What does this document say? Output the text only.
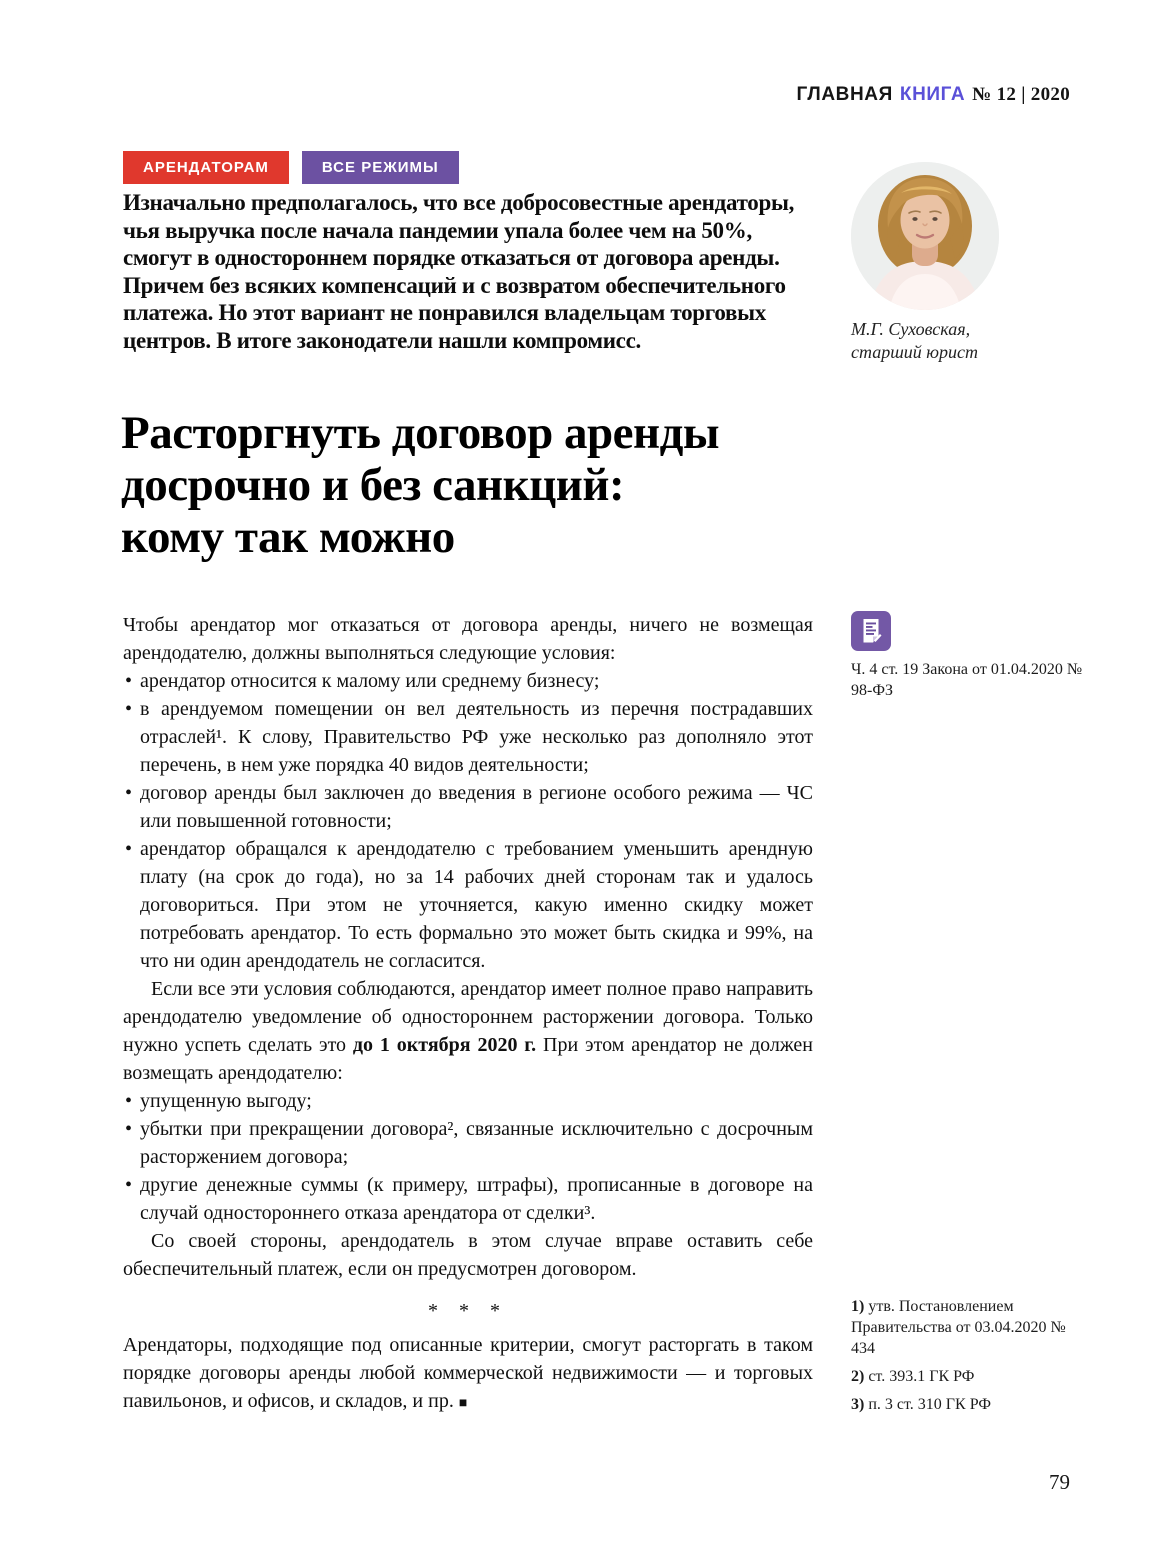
ГЛАВНАЯ КНИГА № 12 | 2020
АРЕНДАТОРАМ	ВСЕ РЕЖИМЫ

Изначально предполагалось, что все добросовестные арендаторы, чья выручка после начала пандемии упала более чем на 50%, смогут в одностороннем порядке отказаться от договора аренды. Причем без всяких компенсаций и с возвратом обеспечительного платежа. Но этот вариант не понравился владельцам торговых центров. В итоге законодатели нашли компромисс.	М.Г. Суховская,
старший юрист
Расторгнуть договор аренды
досрочно и без санкций:
кому так можно

Чтобы арендатор мог отказаться от договора аренды, ничего не возмещая арендодателю, должны выполняться следующие условия:

• арендатор относится к малому или среднему бизнесу;
• в арендуемом помещении он вел деятельность из перечня пострадавших отраслей¹. К слову, Правительство РФ уже несколько раз дополняло этот перечень, в нем уже порядка 40 видов деятельности;
• договор аренды был заключен до введения в регионе особого режима — ЧС или повышенной готовности;
• арендатор обращался к арендодателю с требованием уменьшить арендную плату (на срок до года), но за 14 рабочих дней сторонам так и удалось договориться. При этом не уточняется, какую именно скидку может потребовать арендатор. То есть формально это может быть скидка и 99%, на что ни один арендодатель не согласится.

Если все эти условия соблюдаются, арендатор имеет полное право направить арендодателю уведомление об одностороннем расторжении договора. Только нужно успеть сделать это до 1 октября 2020 г. При этом арендатор не должен возмещать арендодателю:

• упущенную выгоду;
• убытки при прекращении договора², связанные исключительно с досрочным расторжением договора;
• другие денежные суммы (к примеру, штрафы), прописанные в договоре на случай одностороннего отказа арендатора от сделки³.

Со своей стороны, арендодатель в этом случае вправе оставить себе обеспечительный платеж, если он предусмотрен договором.

* * *

Арендаторы, подходящие под описанные критерии, смогут расторгать в таком порядке договоры аренды любой коммерческой недвижимости — и торговых павильонов, и офисов, и складов, и пр. ■

Ч. 4 ст. 19 Закона от 01.04.2020 № 98-ФЗ

1) утв. Постановлением Правительства от 03.04.2020 № 434

2) ст. 393.1 ГК РФ

3) п. 3 ст. 310 ГК РФ

79
